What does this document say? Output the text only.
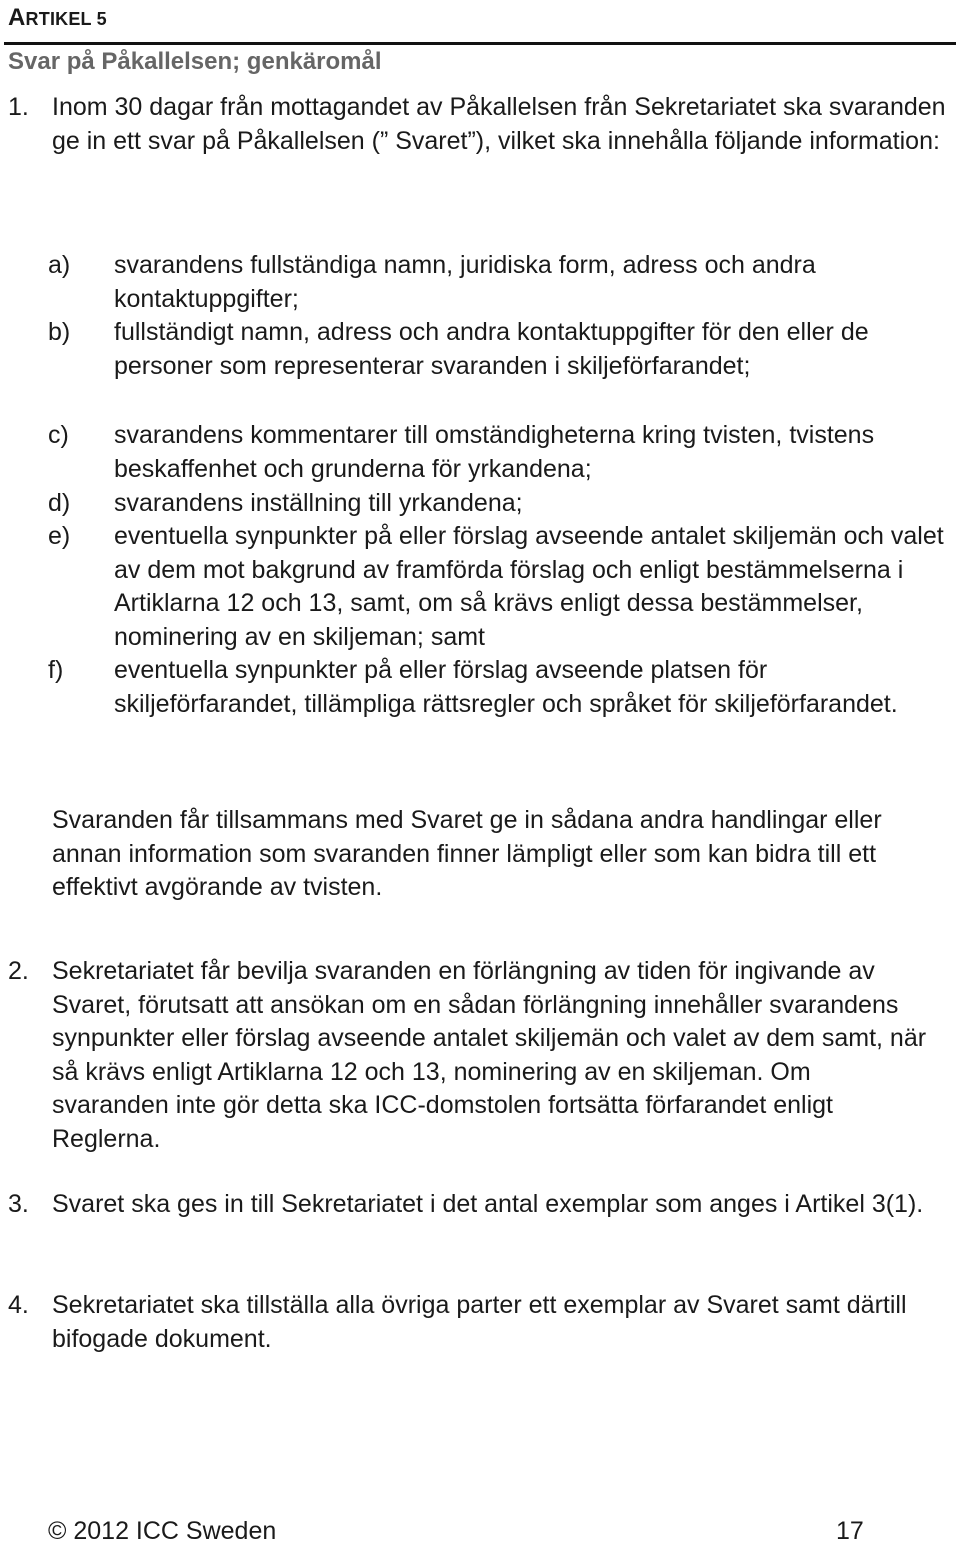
ARTIKEL 5
Svar på Påkallelsen; genkäromål
1. Inom 30 dagar från mottagandet av Påkallelsen från Sekretariatet ska svaranden ge in ett svar på Påkallelsen (” Svaret”), vilket ska innehålla följande information:
a) svarandens fullständiga namn, juridiska form, adress och andra kontaktuppgifter;
b) fullständigt namn, adress och andra kontaktuppgifter för den eller de personer som representerar svaranden i skiljeförfarandet;
c) svarandens kommentarer till omständigheterna kring tvisten, tvistens beskaffenhet och grunderna för yrkandena;
d) svarandens inställning till yrkandena;
e) eventuella synpunkter på eller förslag avseende antalet skiljemän och valet av dem mot bakgrund av framförda förslag och enligt bestämmelserna i Artiklarna 12 och 13, samt, om så krävs enligt dessa bestämmelser, nominering av en skiljeman; samt
f) eventuella synpunkter på eller förslag avseende platsen för skiljeförfarandet, tillämpliga rättsregler och språket för skiljeförfarandet.
Svaranden får tillsammans med Svaret ge in sådana andra handlingar eller annan information som svaranden finner lämpligt eller som kan bidra till ett effektivt avgörande av tvisten.
2. Sekretariatet får bevilja svaranden en förlängning av tiden för ingivande av Svaret, förutsatt att ansökan om en sådan förlängning innehåller svarandens synpunkter eller förslag avseende antalet skiljemän och valet av dem samt, när så krävs enligt Artiklarna 12 och 13, nominering av en skiljeman. Om svaranden inte gör detta ska ICC-domstolen fortsätta förfarandet enligt Reglerna.
3. Svaret ska ges in till Sekretariatet i det antal exemplar som anges i Artikel 3(1).
4. Sekretariatet ska tillställa alla övriga parter ett exemplar av Svaret samt därtill bifogade dokument.
© 2012 ICC Sweden	17
